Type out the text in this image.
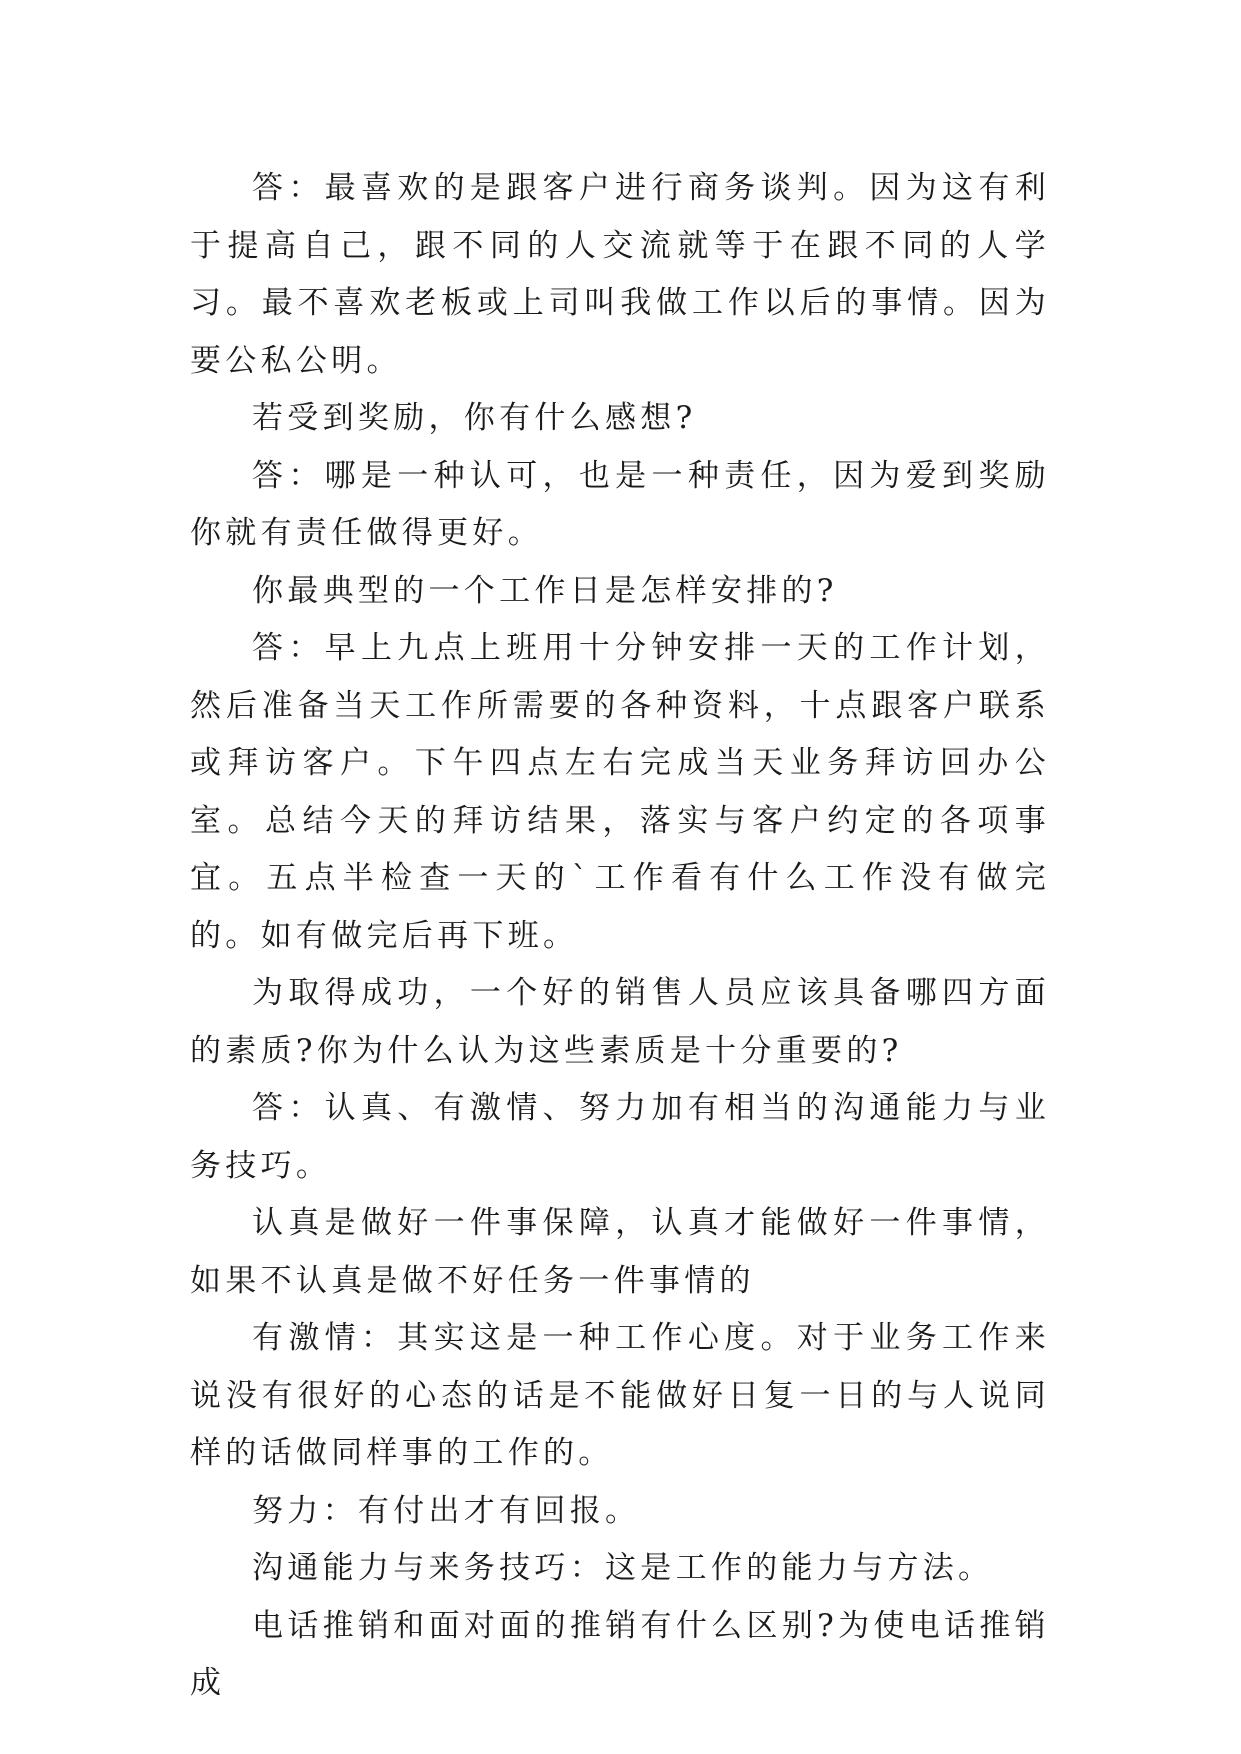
答：最喜欢的是跟客户进行商务谈判。因为这有利于提高自己，跟不同的人交流就等于在跟不同的人学习。最不喜欢老板或上司叫我做工作以后的事情。因为要公私公明。

若受到奖励，你有什么感想?

答：哪是一种认可，也是一种责任，因为爱到奖励你就有责任做得更好。

你最典型的一个工作日是怎样安排的?

答：早上九点上班用十分钟安排一天的工作计划，然后准备当天工作所需要的各种资料，十点跟客户联系或拜访客户。下午四点左右完成当天业务拜访回办公室。总结今天的拜访结果，落实与客户约定的各项事宜。五点半检查一天的`工作看有什么工作没有做完的。如有做完后再下班。

为取得成功，一个好的销售人员应该具备哪四方面的素质?你为什么认为这些素质是十分重要的?

答：认真、有激情、努力加有相当的沟通能力与业务技巧。

认真是做好一件事保障，认真才能做好一件事情，如果不认真是做不好任务一件事情的

有激情：其实这是一种工作心度。对于业务工作来说没有很好的心态的话是不能做好日复一日的与人说同样的话做同样事的工作的。

努力：有付出才有回报。

沟通能力与来务技巧：这是工作的能力与方法。

电话推销和面对面的推销有什么区别?为使电话推销成
